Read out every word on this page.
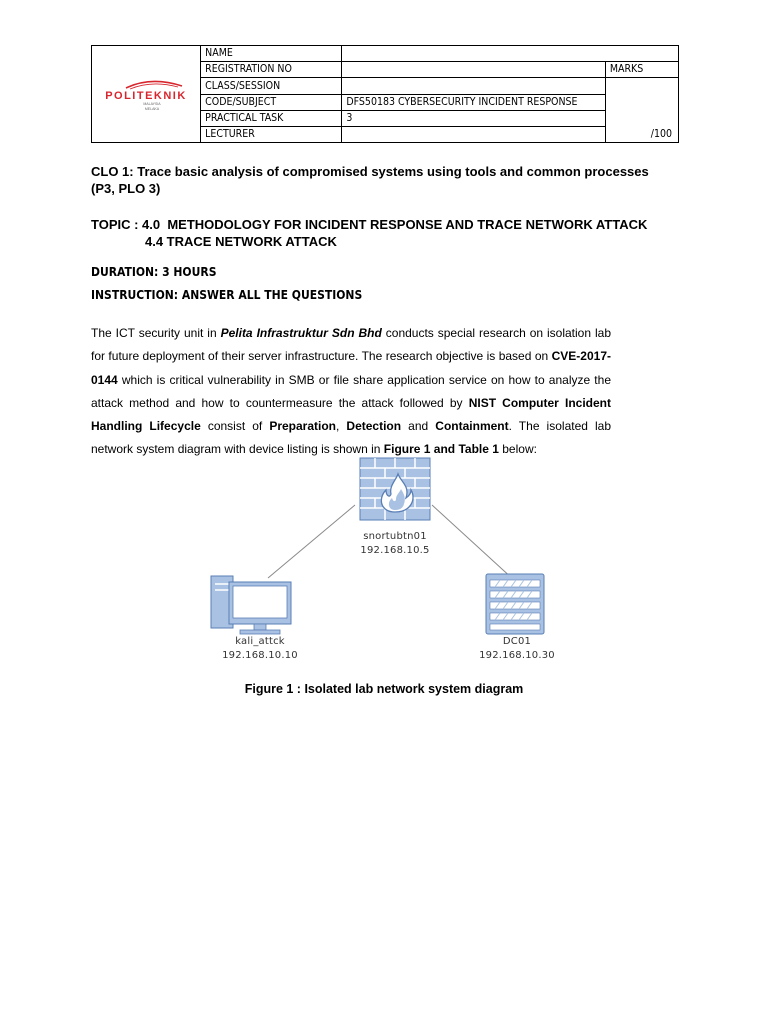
POLITEKNIK
MALAYSIA
MELAKA	NAME		
	REGISTRATION NO		MARKS
	CLASS/SESSION		/100
	CODE/SUBJECT	DFS50183 CYBERSECURITY INCIDENT RESPONSE	
	PRACTICAL TASK	3	
	LECTURER		
CLO 1: Trace basic analysis of compromised systems using tools and common processes (P3, PLO 3)
TOPIC : 4.0  METHODOLOGY FOR INCIDENT RESPONSE AND TRACE NETWORK ATTACK
4.4 TRACE NETWORK ATTACK
DURATION: 3 HOURS
INSTRUCTION: ANSWER ALL THE QUESTIONS
The ICT security unit in Pelita Infrastruktur Sdn Bhd conducts special research on isolation lab for future deployment of their server infrastructure. The research objective is based on CVE-2017-0144 which is critical vulnerability in SMB or file share application service on how to analyze the attack method and how to countermeasure the attack followed by NIST Computer Incident Handling Lifecycle consist of Preparation, Detection and Containment. The isolated lab network system diagram with device listing is shown in Figure 1 and Table 1 below:
snortubtn01
192.168.10.5
kali_attck
192.168.10.10
DC01
192.168.10.30
Figure 1 : Isolated lab network system diagram
